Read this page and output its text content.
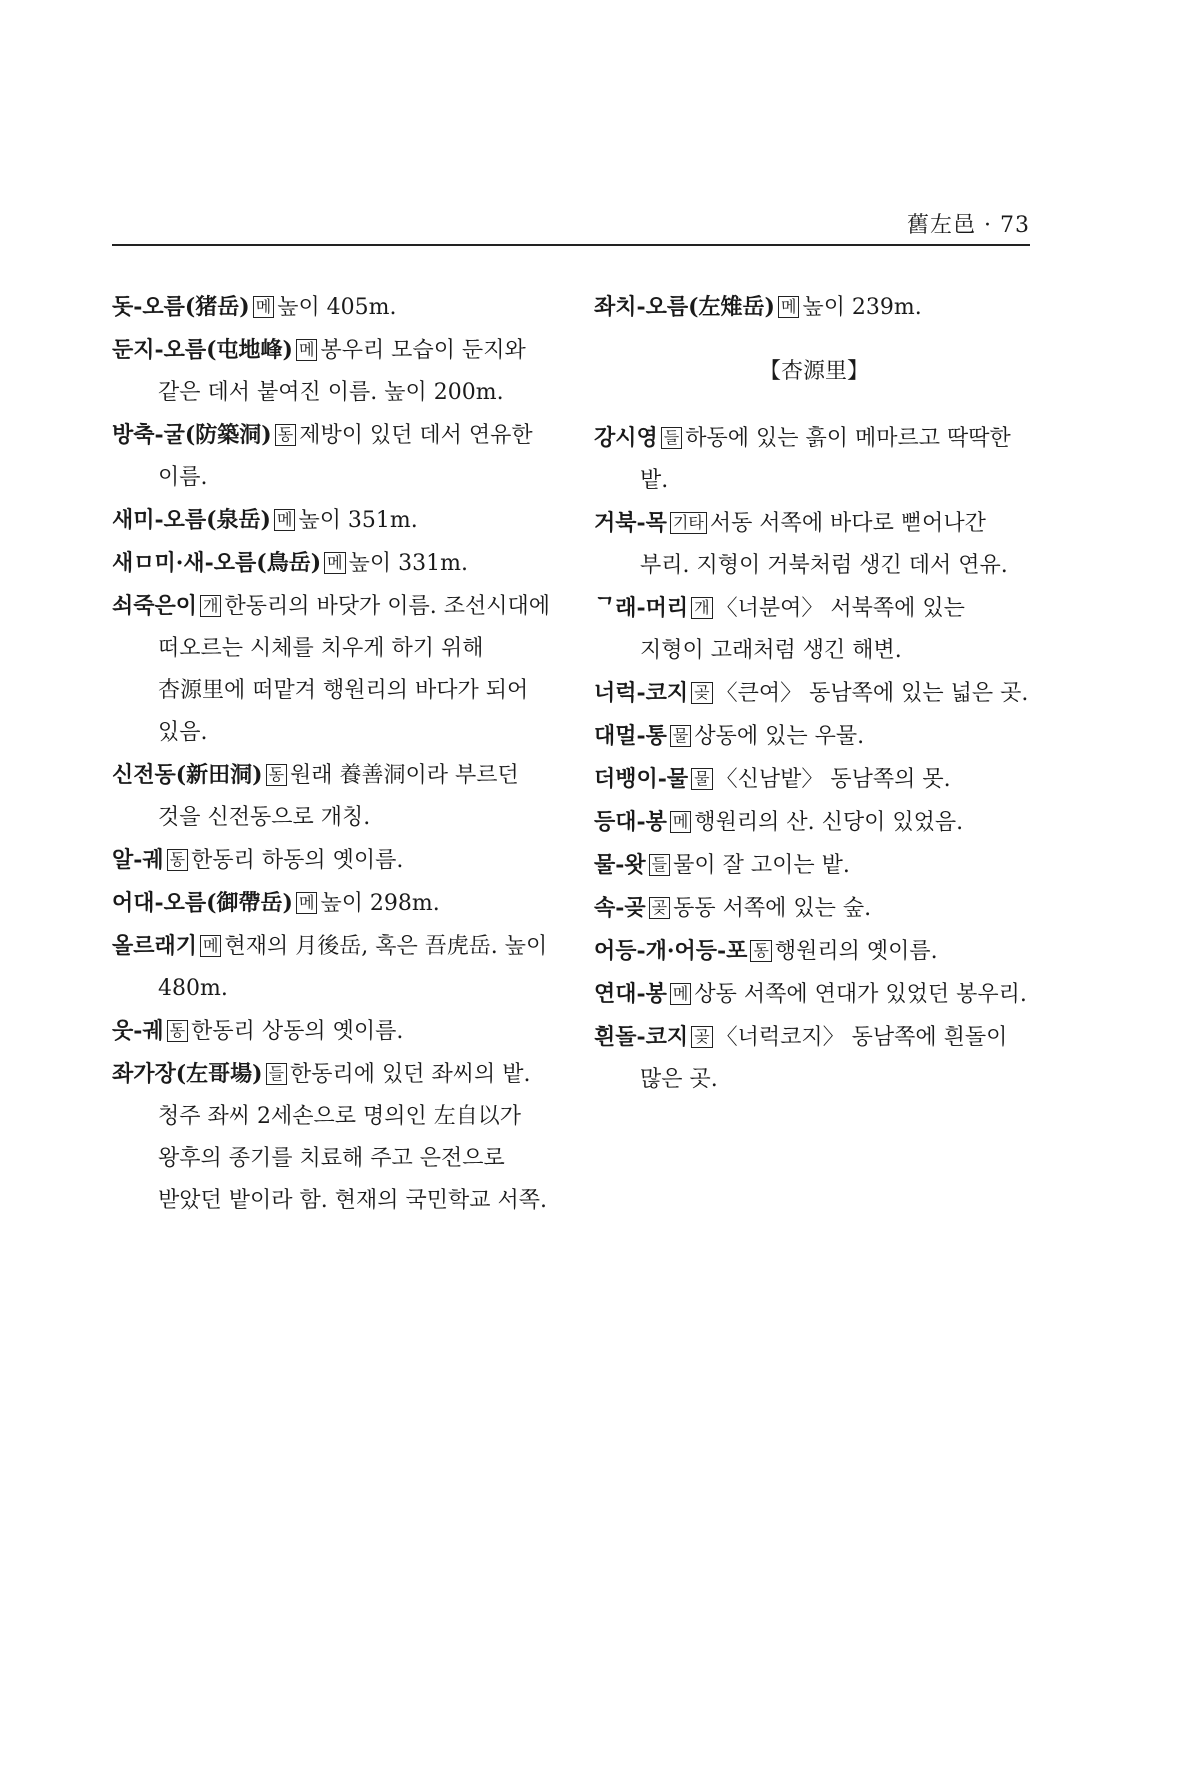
舊左邑 · 73

돗-오름(猪岳) 메 높이 405m.

둔지-오름(屯地峰) 메 봉우리 모습이 둔지와 같은 데서 붙여진 이름. 높이 200m.

방축-굴(防築洞) 동 제방이 있던 데서 연유한 이름.

새미-오름(泉岳) 메 높이 351m.

새ㅁ미·새-오름(鳥岳) 메 높이 331m.

쇠죽은이 개 한동리의 바닷가 이름. 조선시대에 떠오르는 시체를 치우게 하기 위해 杏源里에 떠맡겨 행원리의 바다가 되어 있음.

신전동(新田洞) 동 원래 養善洞이라 부르던 것을 신전동으로 개칭.

알-궤 동 한동리 하동의 옛이름.

어대-오름(御帶岳) 메 높이 298m.

올르래기 메 현재의 月後岳, 혹은 吾虎岳. 높이 480m.

웃-궤 동 한동리 상동의 옛이름.

좌가장(左哥場) 들 한동리에 있던 좌씨의 밭. 청주 좌씨 2세손으로 명의인 左自以가 왕후의 종기를 치료해 주고 은전으로 받았던 밭이라 함. 현재의 국민학교 서쪽.

좌치-오름(左雉岳) 메 높이 239m.

【杏源里】

강시영 들 하동에 있는 흙이 메마르고 딱딱한 밭.

거북-목 기타 서동 서쪽에 바다로 뻗어나간 부리. 지형이 거북처럼 생긴 데서 연유.

ᄀ래-머리 개 〈너분여〉 서북쪽에 있는 지형이 고래처럼 생긴 해변.

너럭-코지 곶 〈큰여〉 동남쪽에 있는 넓은 곳.

대멀-통 물 상동에 있는 우물.

더뱅이-물 물 〈신남밭〉 동남쪽의 못.

등대-봉 메 행원리의 산. 신당이 있었음.

물-왓 들 물이 잘 고이는 밭.

속-곶 곶 동동 서쪽에 있는 숲.

어등-개·어등-포 동 행원리의 옛이름.

연대-봉 메 상동 서쪽에 연대가 있었던 봉우리.

흰돌-코지 곶 〈너럭코지〉 동남쪽에 흰돌이 많은 곳.
